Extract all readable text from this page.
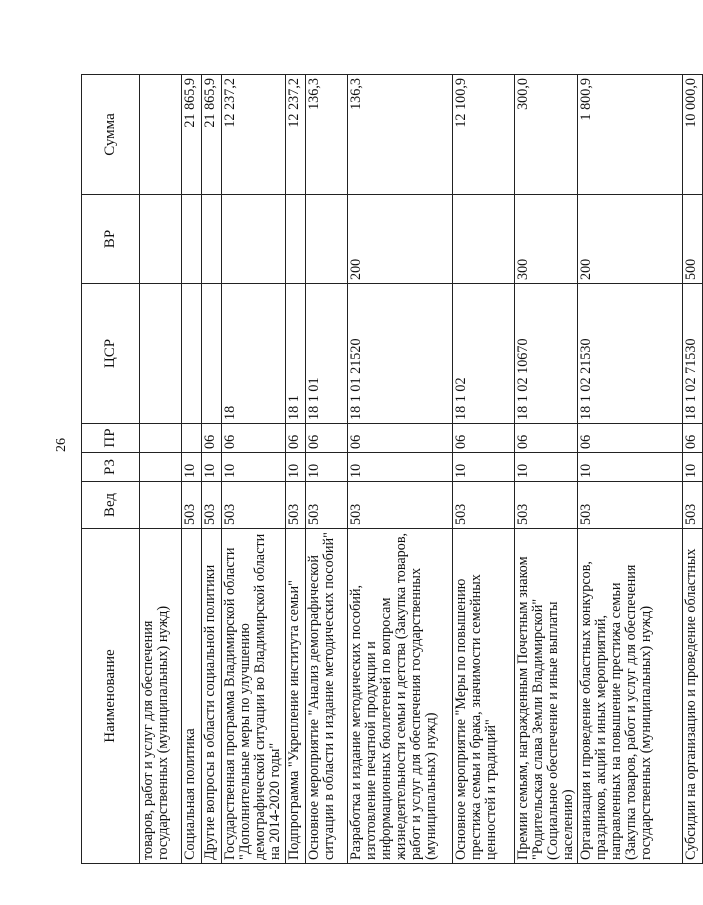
26
Наименование	Вед	РЗ	ПР	ЦСР	ВР	Сумма
товаров, работ и услуг для обеспечения государственных (муниципальных) нужд)						
Социальная политика	503	10				21 865,9
Другие вопросы в области социальной политики	503	10	06			21 865,9
Государственная программа Владимирской области "Дополнительные меры по улучшению демографической ситуации во Владимирской области на 2014-2020 годы"	503	10	06	18		12 237,2
Подпрограмма "Укрепление института семьи"	503	10	06	18 1		12 237,2
Основное мероприятие "Анализ демографической ситуации в области и издание методических пособий"	503	10	06	18 1 01		136,3
Разработка и издание методических пособий, изготовление печатной продукции и информационных бюллетеней по вопросам жизнедеятельности семьи и детства (Закупка товаров, работ и услуг для обеспечения государственных (муниципальных) нужд)	503	10	06	18 1 01 21520	200	136,3
Основное мероприятие "Меры по повышению престижа семьи и брака, значимости семейных ценностей и традиций"	503	10	06	18 1 02		12 100,9
Премии семьям, награжденным Почетным знаком "Родительская слава Земли Владимирской" (Социальное обеспечение и иные выплаты населению)	503	10	06	18 1 02 10670	300	300,0
Организация и проведение областных конкурсов, праздников, акций и иных мероприятий, направленных на повышение престижа семьи (Закупка товаров, работ и услуг для обеспечения государственных (муниципальных) нужд)	503	10	06	18 1 02 21530	200	1 800,9
Субсидии на организацию и проведение областных	503	10	06	18 1 02 71530	500	10 000,0
